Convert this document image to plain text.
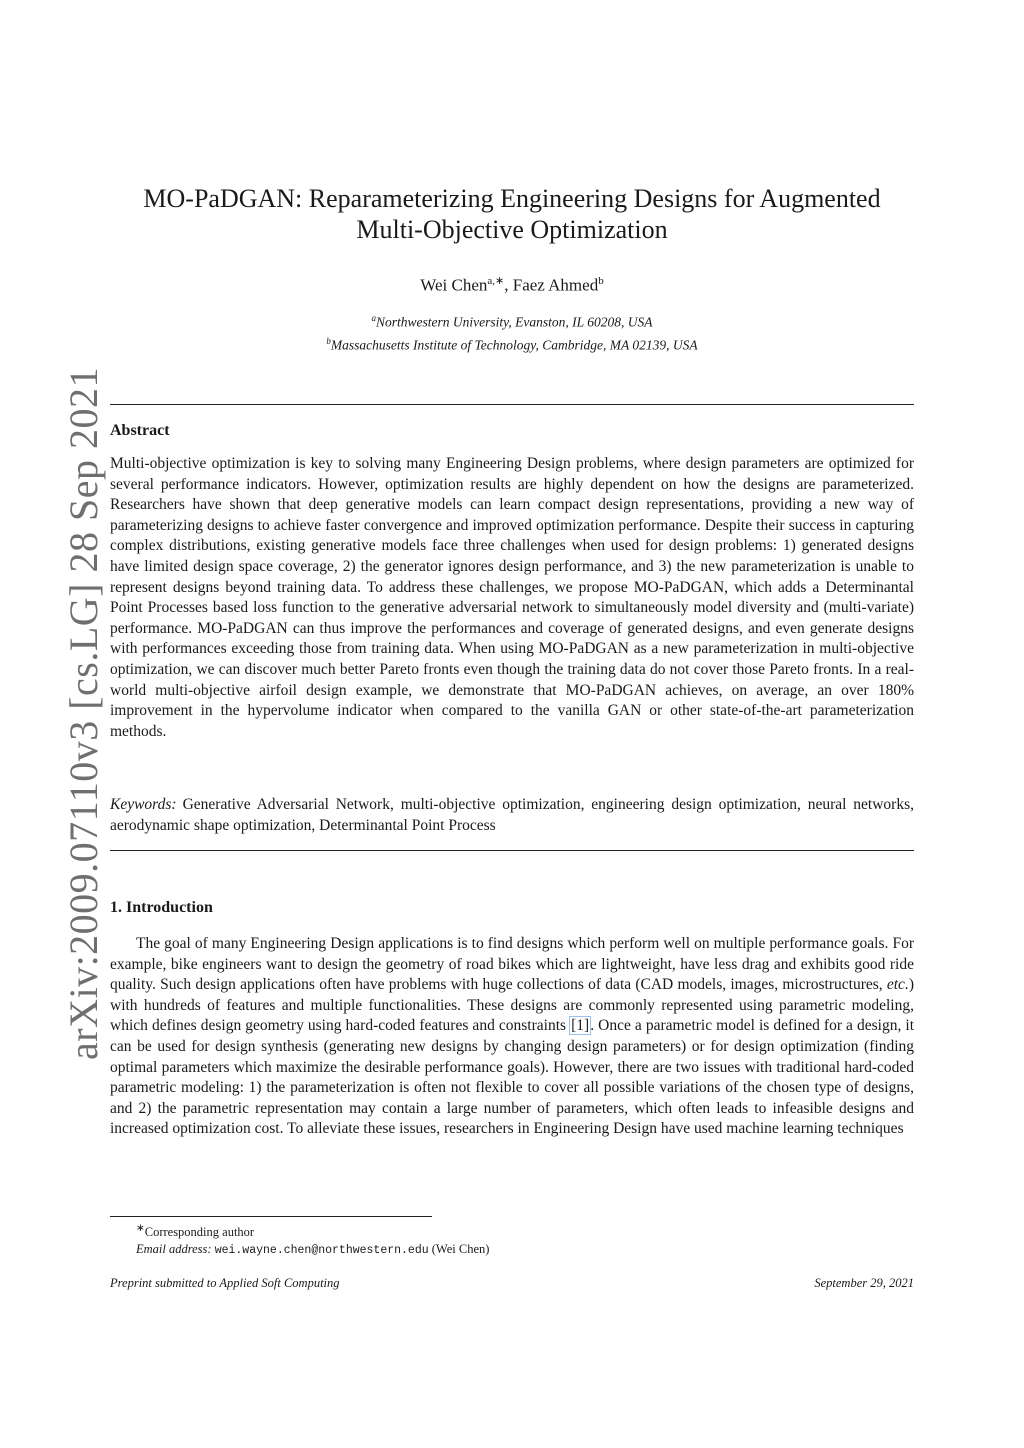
arXiv:2009.07110v3 [cs.LG] 28 Sep 2021
MO-PaDGAN: Reparameterizing Engineering Designs for Augmented
Multi-Objective Optimization
Wei Chen$^{a,∗}$, Faez Ahmed$^b$
$^a$Northwestern University, Evanston, IL 60208, USA
$^b$Massachusetts Institute of Technology, Cambridge, MA 02139, USA
Abstract
Multi-objective optimization is key to solving many Engineering Design problems, where design parameters are optimized for several performance indicators. However, optimization results are highly dependent on how the designs are parameterized. Researchers have shown that deep generative models can learn compact design representations, providing a new way of parameterizing designs to achieve faster convergence and improved optimization performance. Despite their success in capturing complex distributions, existing generative models face three challenges when used for design problems: 1) generated designs have limited design space coverage, 2) the generator ignores design performance, and 3) the new parameterization is unable to represent designs beyond training data. To address these challenges, we propose MO-PaDGAN, which adds a Determinantal Point Processes based loss function to the generative adversarial network to simultaneously model diversity and (multi-variate) performance. MO-PaDGAN can thus improve the performances and coverage of generated designs, and even generate designs with performances exceeding those from training data. When using MO-PaDGAN as a new parameterization in multi-objective optimization, we can discover much better Pareto fronts even though the training data do not cover those Pareto fronts. In a real-world multi-objective airfoil design example, we demonstrate that MO-PaDGAN achieves, on average, an over 180% improvement in the hypervolume indicator when compared to the vanilla GAN or other state-of-the-art parameterization methods.
Keywords: Generative Adversarial Network, multi-objective optimization, engineering design optimization, neural networks, aerodynamic shape optimization, Determinantal Point Process
1. Introduction
The goal of many Engineering Design applications is to find designs which perform well on multiple performance goals. For example, bike engineers want to design the geometry of road bikes which are lightweight, have less drag and exhibits good ride quality. Such design applications often have problems with huge collections of data (CAD models, images, microstructures, etc.) with hundreds of features and multiple functionalities. These designs are commonly represented using parametric modeling, which defines design geometry using hard-coded features and constraints [1]. Once a parametric model is defined for a design, it can be used for design synthesis (generating new designs by changing design parameters) or for design optimization (finding optimal parameters which maximize the desirable performance goals). However, there are two issues with traditional hard-coded parametric modeling: 1) the parameterization is often not flexible to cover all possible variations of the chosen type of designs, and 2) the parametric representation may contain a large number of parameters, which often leads to infeasible designs and increased optimization cost. To alleviate these issues, researchers in Engineering Design have used machine learning techniques
∗Corresponding author
Email address: wei.wayne.chen@northwestern.edu (Wei Chen)
Preprint submitted to Applied Soft Computing	September 29, 2021
